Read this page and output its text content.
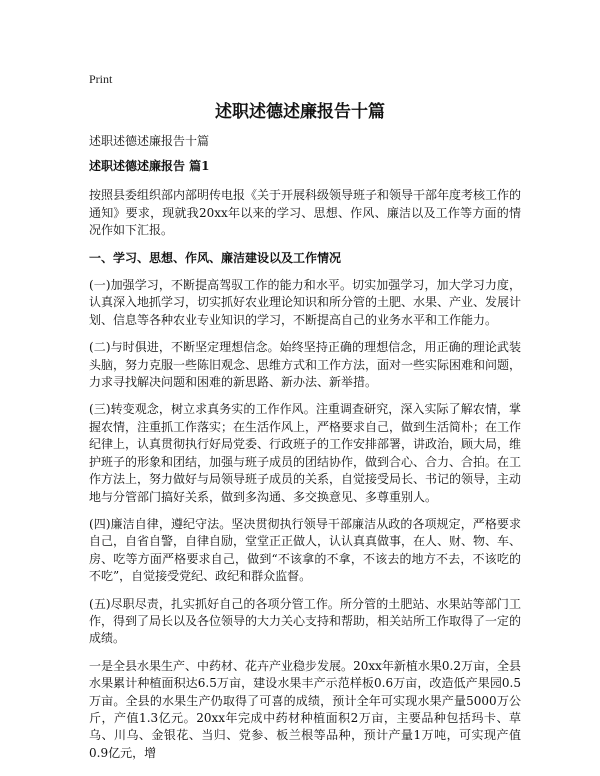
Print
述职述德述廉报告十篇
述职述德述廉报告十篇
述职述德述廉报告 篇1

按照县委组织部内部明传电报《关于开展科级领导班子和领导干部年度考核工作的通知》要求，现就我20xx年以来的学习、思想、作风、廉洁以及工作等方面的情况作如下汇报。

一、学习、思想、作风、廉洁建设以及工作情况

(一)加强学习，不断提高驾驭工作的能力和水平。切实加强学习，加大学习力度，认真深入地抓学习，切实抓好农业理论知识和所分管的土肥、水果、产业、发展计划、信息等各种农业专业知识的学习，不断提高自己的业务水平和工作能力。

(二)与时俱进，不断坚定理想信念。始终坚持正确的理想信念，用正确的理论武装头脑，努力克服一些陈旧观念、思维方式和工作方法，面对一些实际困难和问题，力求寻找解决问题和困难的新思路、新办法、新举措。

(三)转变观念，树立求真务实的工作作风。注重调查研究，深入实际了解农情，掌握农情，注重抓工作落实；在生活作风上，严格要求自己，做到生活简朴；在工作纪律上，认真贯彻执行好局党委、行政班子的工作安排部署，讲政治，顾大局，维护班子的形象和团结，加强与班子成员的团结协作，做到合心、合力、合拍。在工作方法上，努力做好与局领导班子成员的关系，自觉接受局长、书记的领导，主动地与分管部门搞好关系，做到多沟通、多交换意见、多尊重别人。

(四)廉洁自律，遵纪守法。坚决贯彻执行领导干部廉洁从政的各项规定，严格要求自己，自省自警，自律自励，堂堂正正做人，认认真真做事，在人、财、物、车、房、吃等方面严格要求自己，做到“不该拿的不拿，不该去的地方不去，不该吃的不吃”，自觉接受党纪、政纪和群众监督。

(五)尽职尽责，扎实抓好自己的各项分管工作。所分管的土肥站、水果站等部门工作，得到了局长以及各位领导的大力关心支持和帮助，相关站所工作取得了一定的成绩。

一是全县水果生产、中药材、花卉产业稳步发展。20xx年新植水果0.2万亩，全县水果累计种植面积达6.5万亩，建设水果丰产示范样板0.6万亩，改造低产果园0.5万亩。全县的水果生产仍取得了可喜的成绩，预计全年可实现水果产量5000万公斤，产值1.3亿元。20xx年完成中药材种植面积2万亩，主要品种包括玛卡、草乌、川乌、金银花、当归、党参、板兰根等品种，预计产量1万吨，可实现产值0.9亿元，增
